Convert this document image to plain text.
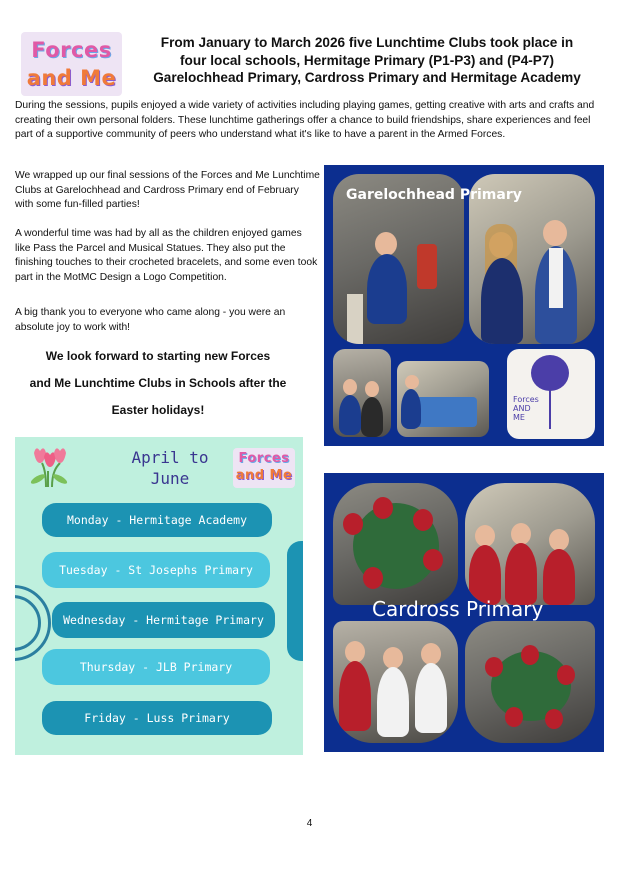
Forces
and Me
From January to March 2026 five Lunchtime Clubs took place in
four local schools, Hermitage Primary (P1-P3) and (P4-P7)
Garelochhead Primary, Cardross Primary and Hermitage Academy

During the sessions, pupils enjoyed a wide variety of activities including playing games, getting creative with arts and crafts and creating their own personal folders. These lunchtime gatherings offer a chance to build friendships, share experiences and feel part of a supportive community of peers who understand what it's like to have a parent in the Armed Forces.

We wrapped up our final sessions of the Forces and Me Lunchtime Clubs at Garelochhead and Cardross Primary end of February with some fun-filled parties!

A wonderful time was had by all as the children enjoyed games like Pass the Parcel and Musical Statues. They also put the finishing touches to their crocheted bracelets, and some even took part in the MotMC Design a Logo Competition.

A big thank you to everyone who came along - you were an absolute joy to work with!

We look forward to starting new Forces
and Me Lunchtime Clubs in Schools after the
Easter holidays!
Forces AND ME
Garelochhead Primary
April to
June
Monday - Hermitage Academy
Tuesday - St Josephs Primary
Wednesday - Hermitage Primary
Thursday - JLB Primary
Friday - Luss Primary
Forces
and Me
Cardross Primary
4
